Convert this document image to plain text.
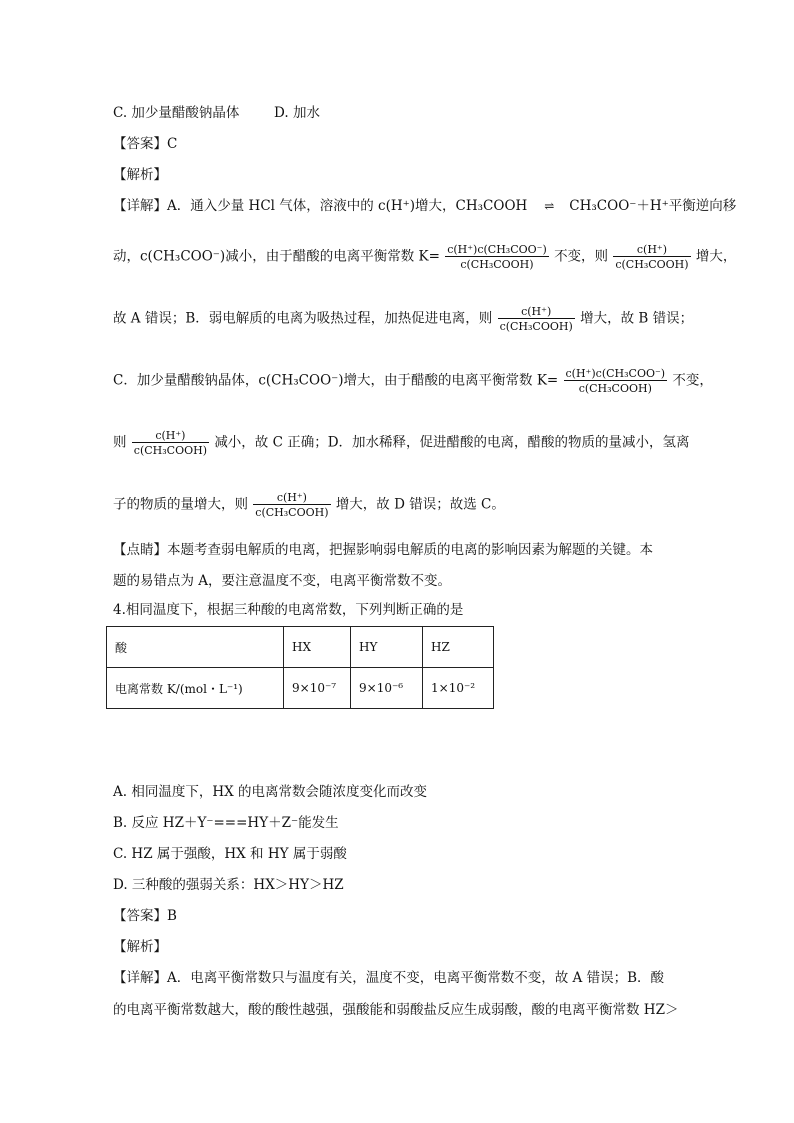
C. 加少量醋酸钠晶体	D. 加水
【答案】C
【解析】
【详解】A．通入少量 HCl 气体，溶液中的 c(H⁺)增大，CH₃COOH ⇌ CH₃COO⁻＋H⁺平衡逆向移
动，c(CH₃COO⁻)减小，由于醋酸的电离平衡常数 $K= \frac{\text{c(H⁺)c(CH₃COO⁻)}}{\text{c(CH₃COOH)}}$ 不变，则 $\frac{c(H^+)}{\text{c(CH₃COOH)}}$ 增大，
故 A 错误；B．弱电解质的电离为吸热过程，加热促进电离，则 $\frac{c(H^+)}{\text{c(CH₃COOH)}}$ 增大，故 B 错误；
C．加少量醋酸钠晶体，c(CH₃COO⁻)增大，由于醋酸的电离平衡常数 $K= \frac{\text{c(H⁺)c(CH₃COO⁻)}}{\text{c(CH₃COOH)}}$ 不变，
则 $\frac{c(H^+)}{\text{c(CH₃COOH)}}$ 减小，故 C 正确；D．加水稀释，促进醋酸的电离，醋酸的物质的量减小，氢离
子的物质的量增大，则 $\frac{c(H^+)}{\text{c(CH₃COOH)}}$ 增大，故 D 错误；故选 C。
【点睛】本题考查弱电解质的电离，把握影响弱电解质的电离的影响因素为解题的关键。本
题的易错点为 A，要注意温度不变，电离平衡常数不变。
4.相同温度下，根据三种酸的电离常数，下列判断正确的是
酸	HX	HY	HZ
电离常数 K/(mol・L⁻¹)	9×10⁻⁷	9×10⁻⁶	1×10⁻²
A. 相同温度下，HX 的电离常数会随浓度变化而改变
B. 反应 HZ＋Y⁻===HY＋Z⁻能发生
C. HZ 属于强酸，HX 和 HY 属于弱酸
D. 三种酸的强弱关系：HX＞HY＞HZ
【答案】B
【解析】
【详解】A．电离平衡常数只与温度有关，温度不变，电离平衡常数不变，故 A 错误；B．酸
的电离平衡常数越大，酸的酸性越强，强酸能和弱酸盐反应生成弱酸，酸的电离平衡常数 HZ＞
